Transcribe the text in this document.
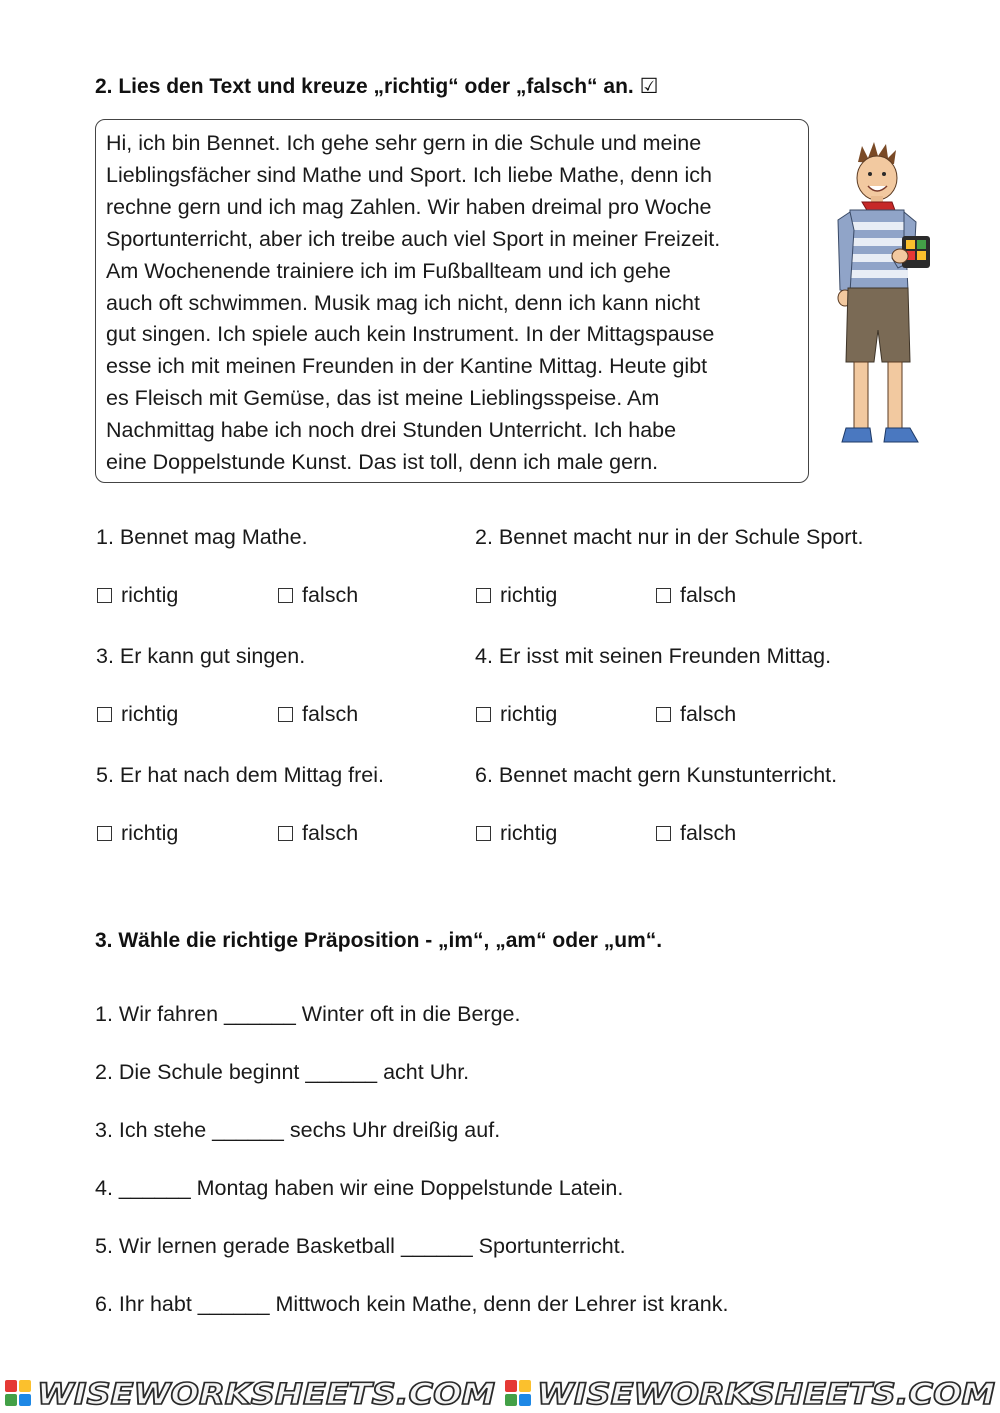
2. Lies den Text und kreuze „richtig“ oder „falsch“ an. ☑
Hi, ich bin Bennet. Ich gehe sehr gern in die Schule und meine
Lieblingsfächer sind Mathe und Sport. Ich liebe Mathe, denn ich
rechne gern und ich mag Zahlen. Wir haben dreimal pro Woche
Sportunterricht, aber ich treibe auch viel Sport in meiner Freizeit.
Am Wochenende trainiere ich im Fußballteam und ich gehe
auch oft schwimmen. Musik mag ich nicht, denn ich kann nicht
gut singen. Ich spiele auch kein Instrument. In der Mittagspause
esse ich mit meinen Freunden in der Kantine Mittag. Heute gibt
es Fleisch mit Gemüse, das ist meine Lieblingsspeise. Am
Nachmittag habe ich noch drei Stunden Unterricht. Ich habe
eine Doppelstunde Kunst. Das ist toll, denn ich male gern.
1. Bennet mag Mathe.	2. Bennet macht nur in der Schule Sport.
richtig	falsch	richtig	falsch
3. Er kann gut singen.	4. Er isst mit seinen Freunden Mittag.
richtig	falsch	richtig	falsch
5. Er hat nach dem Mittag frei.	6. Bennet macht gern Kunstunterricht.
richtig	falsch	richtig	falsch
3. Wähle die richtige Präposition - „im“, „am“ oder „um“.
1. Wir fahren ______ Winter oft in die Berge.
2. Die Schule beginnt ______ acht Uhr.
3. Ich stehe ______ sechs Uhr dreißig auf.
4. ______ Montag haben wir eine Doppelstunde Latein.
5. Wir lernen gerade Basketball ______ Sportunterricht.
6. Ihr habt ______ Mittwoch kein Mathe, denn der Lehrer ist krank.
WISEWORKSHEETS.COM WISEWORKSHEETS.COM
